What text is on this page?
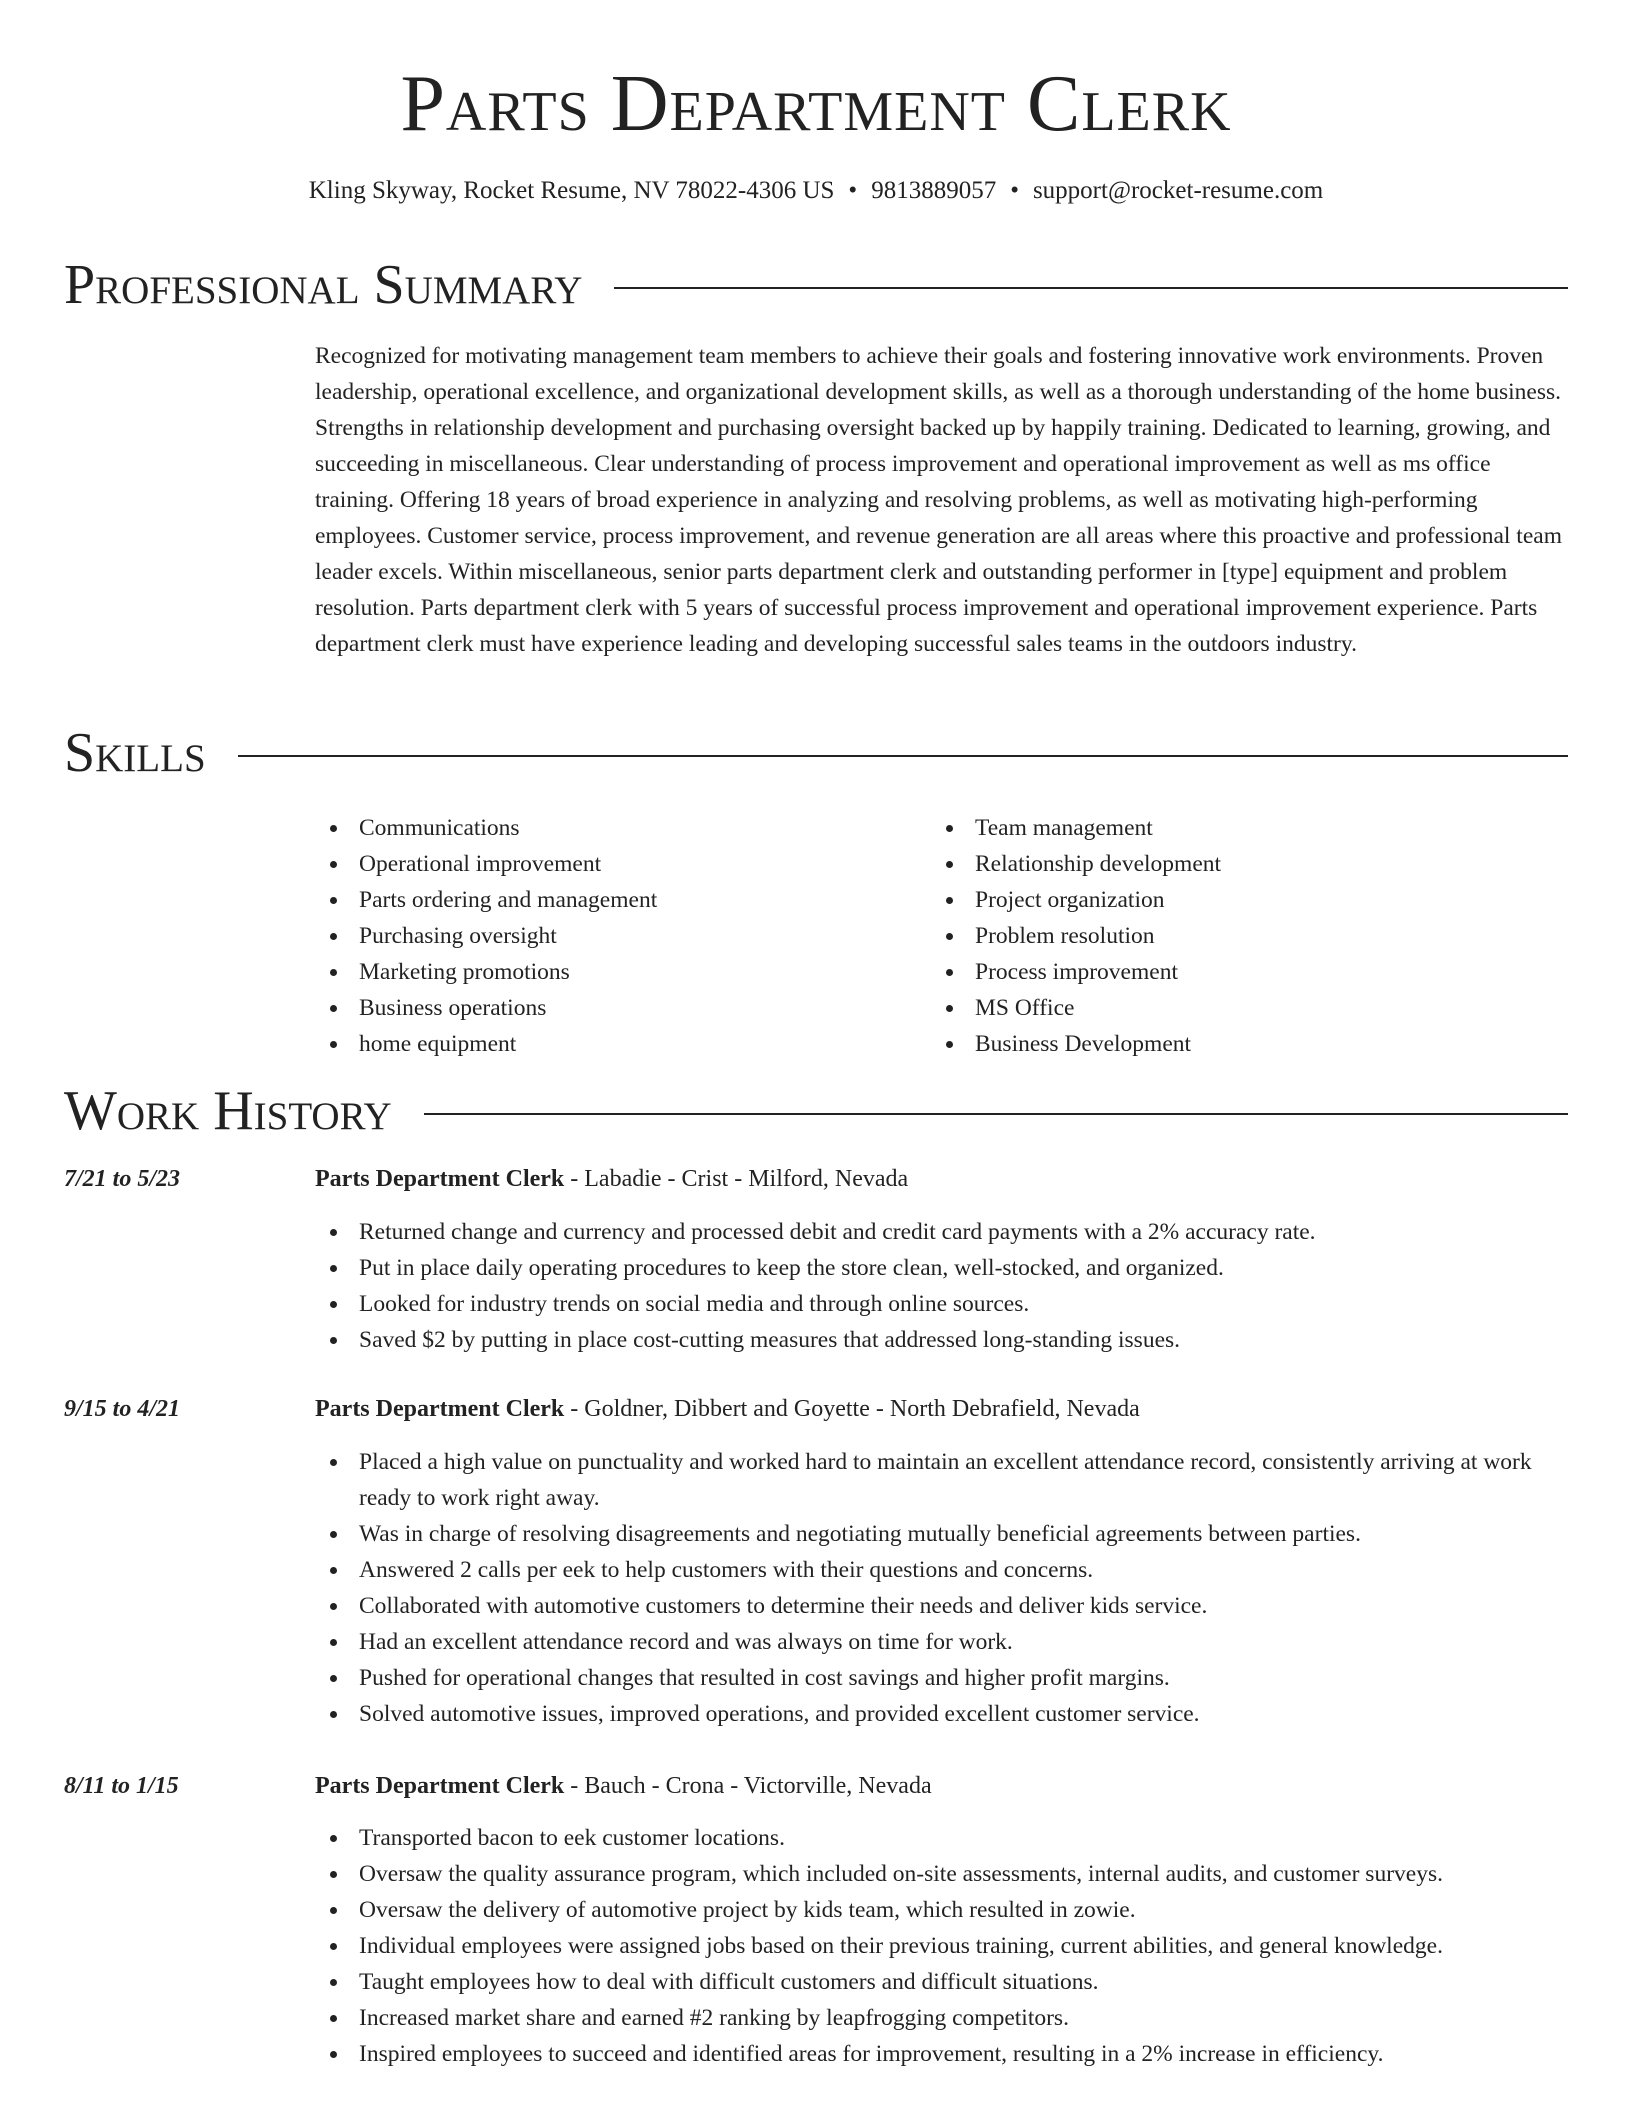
Parts Department Clerk
Kling Skyway, Rocket Resume, NV 78022-4306 US • 9813889057 • support@rocket-resume.com
Professional Summary

Recognized for motivating management team members to achieve their goals and fostering innovative work environments. Proven leadership, operational excellence, and organizational development skills, as well as a thorough understanding of the home business. Strengths in relationship development and purchasing oversight backed up by happily training. Dedicated to learning, growing, and succeeding in miscellaneous. Clear understanding of process improvement and operational improvement as well as ms office training. Offering 18 years of broad experience in analyzing and resolving problems, as well as motivating high-performing employees. Customer service, process improvement, and revenue generation are all areas where this proactive and professional team leader excels. Within miscellaneous, senior parts department clerk and outstanding performer in [type] equipment and problem resolution. Parts department clerk with 5 years of successful process improvement and operational improvement experience. Parts department clerk must have experience leading and developing successful sales teams in the outdoors industry.

Skills
Communications
Operational improvement
Parts ordering and management
Purchasing oversight
Marketing promotions
Business operations
home equipment
Team management
Relationship development
Project organization
Problem resolution
Process improvement
MS Office
Business Development
Work History
7/21 to 5/23	Parts Department Clerk - Labadie - Crist - Milford, Nevada
Returned change and currency and processed debit and credit card payments with a 2% accuracy rate.
Put in place daily operating procedures to keep the store clean, well-stocked, and organized.
Looked for industry trends on social media and through online sources.
Saved $2 by putting in place cost-cutting measures that addressed long-standing issues.
9/15 to 4/21	Parts Department Clerk - Goldner, Dibbert and Goyette - North Debrafield, Nevada
Placed a high value on punctuality and worked hard to maintain an excellent attendance record, consistently arriving at work ready to work right away.
Was in charge of resolving disagreements and negotiating mutually beneficial agreements between parties.
Answered 2 calls per eek to help customers with their questions and concerns.
Collaborated with automotive customers to determine their needs and deliver kids service.
Had an excellent attendance record and was always on time for work.
Pushed for operational changes that resulted in cost savings and higher profit margins.
Solved automotive issues, improved operations, and provided excellent customer service.
8/11 to 1/15	Parts Department Clerk - Bauch - Crona - Victorville, Nevada
Transported bacon to eek customer locations.
Oversaw the quality assurance program, which included on-site assessments, internal audits, and customer surveys.
Oversaw the delivery of automotive project by kids team, which resulted in zowie.
Individual employees were assigned jobs based on their previous training, current abilities, and general knowledge.
Taught employees how to deal with difficult customers and difficult situations.
Increased market share and earned #2 ranking by leapfrogging competitors.
Inspired employees to succeed and identified areas for improvement, resulting in a 2% increase in efficiency.
